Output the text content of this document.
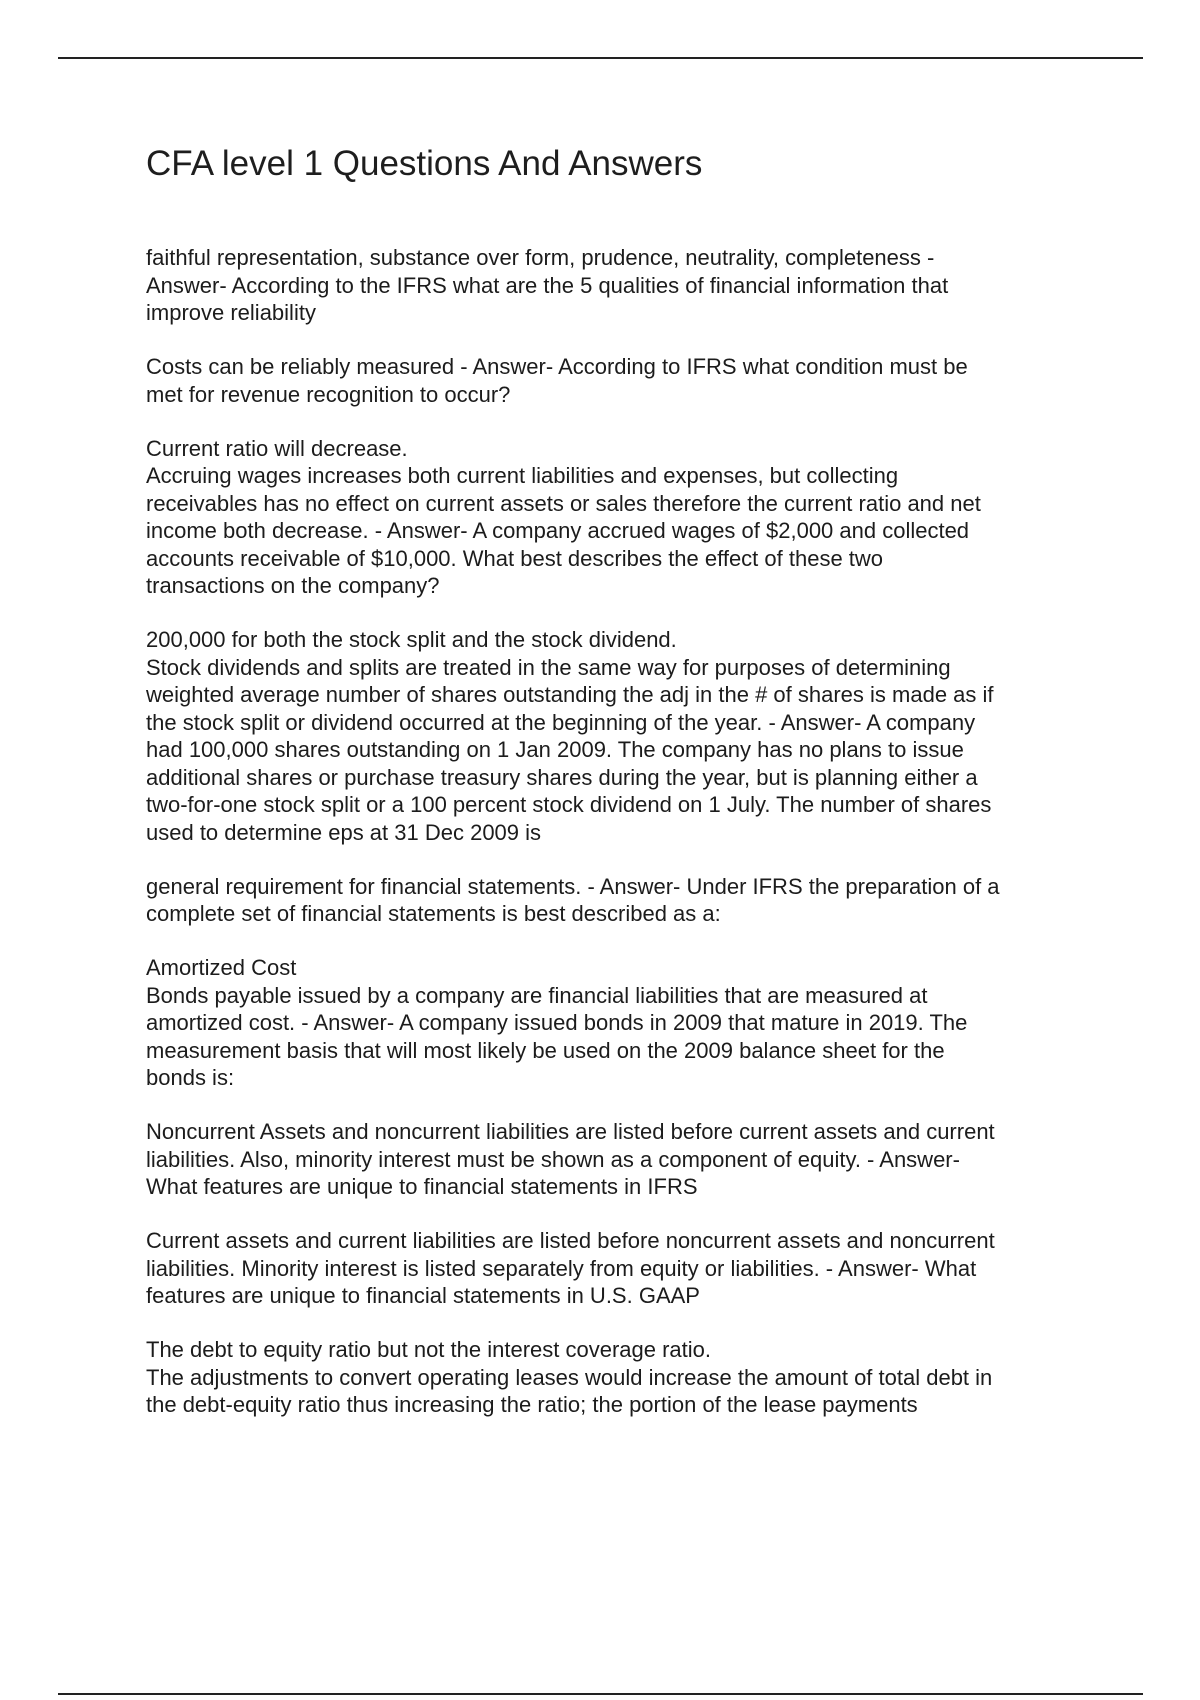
CFA level 1 Questions And Answers

faithful representation, substance over form, prudence, neutrality, completeness -
Answer- According to the IFRS what are the 5 qualities of financial information that
improve reliability

Costs can be reliably measured - Answer- According to IFRS what condition must be
met for revenue recognition to occur?

Current ratio will decrease.
Accruing wages increases both current liabilities and expenses, but collecting
receivables has no effect on current assets or sales therefore the current ratio and net
income both decrease. - Answer- A company accrued wages of $2,000 and collected
accounts receivable of $10,000. What best describes the effect of these two
transactions on the company?

200,000 for both the stock split and the stock dividend.
Stock dividends and splits are treated in the same way for purposes of determining
weighted average number of shares outstanding the adj in the # of shares is made as if
the stock split or dividend occurred at the beginning of the year. - Answer- A company
had 100,000 shares outstanding on 1 Jan 2009. The company has no plans to issue
additional shares or purchase treasury shares during the year, but is planning either a
two-for-one stock split or a 100 percent stock dividend on 1 July. The number of shares
used to determine eps at 31 Dec 2009 is

general requirement for financial statements. - Answer- Under IFRS the preparation of a
complete set of financial statements is best described as a:

Amortized Cost
Bonds payable issued by a company are financial liabilities that are measured at
amortized cost. - Answer- A company issued bonds in 2009 that mature in 2019. The
measurement basis that will most likely be used on the 2009 balance sheet for the
bonds is:

Noncurrent Assets and noncurrent liabilities are listed before current assets and current
liabilities. Also, minority interest must be shown as a component of equity. - Answer-
What features are unique to financial statements in IFRS

Current assets and current liabilities are listed before noncurrent assets and noncurrent
liabilities. Minority interest is listed separately from equity or liabilities. - Answer- What
features are unique to financial statements in U.S. GAAP

The debt to equity ratio but not the interest coverage ratio.
The adjustments to convert operating leases would increase the amount of total debt in
the debt-equity ratio thus increasing the ratio; the portion of the lease payments
